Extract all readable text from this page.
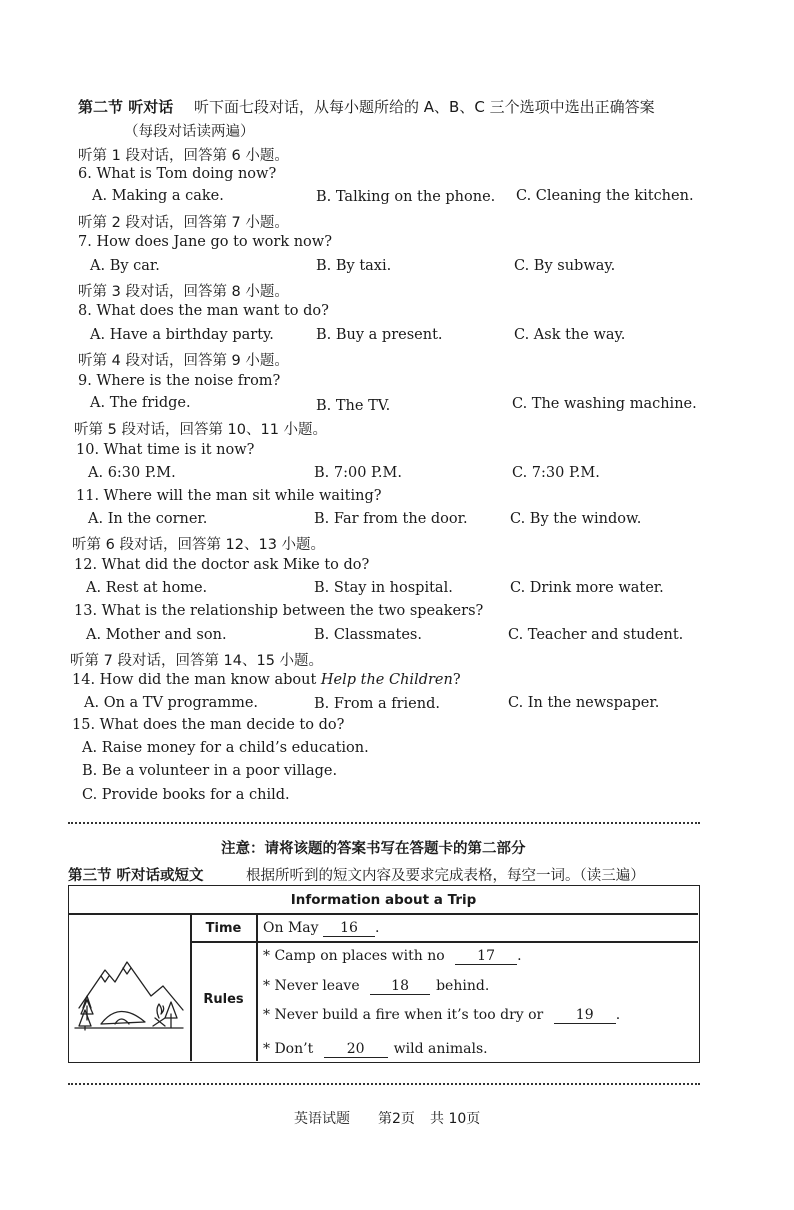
第二节 听对话 听下面七段对话，从每小题所给的 A、B、C 三个选项中选出正确答案
（每段对话读两遍）
听第 1 段对话，回答第 6 小题。
6. What is Tom doing now?
A. Making a cake.	B. Talking on the phone. C. Cleaning the kitchen.
听第 2 段对话，回答第 7 小题。
7. How does Jane go to work now?
A. By car.	B. By taxi.	C. By subway.
听第 3 段对话，回答第 8 小题。
8. What does the man want to do?
A. Have a birthday party.	B. Buy a present.	C. Ask the way.
听第 4 段对话，回答第 9 小题。
9. Where is the noise from?
A. The fridge.	B. The TV.	C. The washing machine.
听第 5 段对话，回答第 10、11 小题。
10. What time is it now?
A. 6:30 P.M.	B. 7:00 P.M.	C. 7:30 P.M.
11. Where will the man sit while waiting?
A. In the corner.	B. Far from the door.	C. By the window.
听第 6 段对话，回答第 12、13 小题。
12. What did the doctor ask Mike to do?
A. Rest at home.	B. Stay in hospital.	C. Drink more water.
13. What is the relationship between the two speakers?
A. Mother and son.	B. Classmates.	C. Teacher and student.
听第 7 段对话，回答第 14、15 小题。
14. How did the man know about Help the Children?
A. On a TV programme.	B. From a friend.	C. In the newspaper.
15. What does the man decide to do?
A. Raise money for a child’s education.
B. Be a volunteer in a poor village.
C. Provide books for a child.
注意：请将该题的答案书写在答题卡的第二部分
第三节 听对话或短文	根据所听到的短文内容及要求完成表格，每空一词。（读三遍）
Information about a Trip
Time	On May 16 .
Rules
* Camp on places with no 17 .
* Never leave 18 behind.
* Never build a fire when it’s too dry or 19 .
* Don’t 20 wild animals.
英语试题 第2页 共 10页
